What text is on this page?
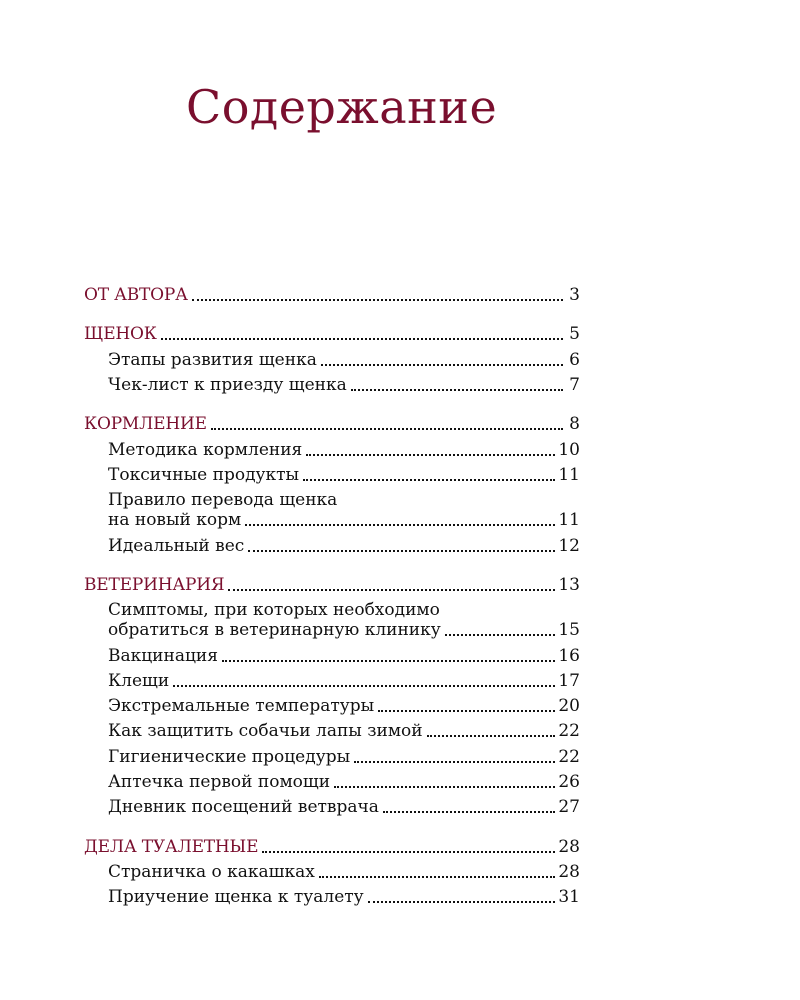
Содержание
ОТ АВТОРА	3
ЩЕНОК	5
Этапы развития щенка	6
Чек-лист к приезду щенка	7
КОРМЛЕНИЕ	8
Методика кормления	10
Токсичные продукты	11
Правило перевода щенка
на новый корм	11
Идеальный вес	12
ВЕТЕРИНАРИЯ	13
Симптомы, при которых необходимо
обратиться в ветеринарную клинику	15
Вакцинация	16
Клещи	17
Экстремальные температуры	20
Как защитить собачьи лапы зимой	22
Гигиенические процедуры	22
Аптечка первой помощи	26
Дневник посещений ветврача	27
ДЕЛА ТУАЛЕТНЫЕ	28
Страничка о какашках	28
Приучение щенка к туалету	31
